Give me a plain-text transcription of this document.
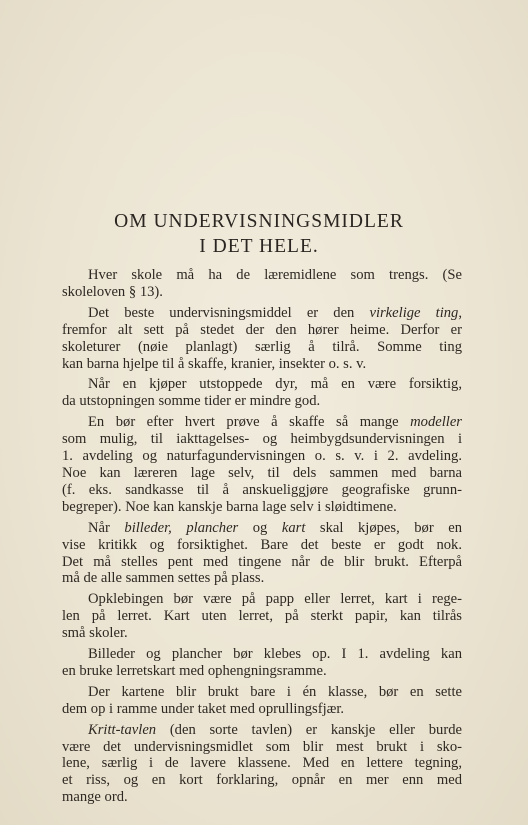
OM UNDERVISNINGSMIDLER
I DET HELE.
Hver skole må ha de læremidlene som trengs. (Se
skoleloven § 13).
Det beste undervisningsmiddel er den virkelige ting,
fremfor alt sett på stedet der den hører heime. Derfor er
skoleturer (nøie planlagt) særlig å tilrå. Somme ting
kan barna hjelpe til å skaffe, kranier, insekter o. s. v.
Når en kjøper utstoppede dyr, må en være forsiktig,
da utstopningen somme tider er mindre god.
En bør efter hvert prøve å skaffe så mange modeller
som mulig, til iakttagelses- og heimbygdsundervisningen i
1. avdeling og naturfagundervisningen o. s. v. i 2. avdeling.
Noe kan læreren lage selv, til dels sammen med barna
(f. eks. sandkasse til å anskueliggjøre geografiske grunn-
begreper). Noe kan kanskje barna lage selv i sløidtimene.
Når billeder, plancher og kart skal kjøpes, bør en
vise kritikk og forsiktighet. Bare det beste er godt nok.
Det må stelles pent med tingene når de blir brukt. Efterpå
må de alle sammen settes på plass.
Opklebingen bør være på papp eller lerret, kart i rege-
len på lerret. Kart uten lerret, på sterkt papir, kan tilrås
små skoler.
Billeder og plancher bør klebes op. I 1. avdeling kan
en bruke lerretskart med ophengningsramme.
Der kartene blir brukt bare i én klasse, bør en sette
dem op i ramme under taket med oprullingsfjær.
Kritt-tavlen (den sorte tavlen) er kanskje eller burde
være det undervisningsmidlet som blir mest brukt i sko-
lene, særlig i de lavere klassene. Med en lettere tegning,
et riss, og en kort forklaring, opnår en mer enn med
mange ord.
